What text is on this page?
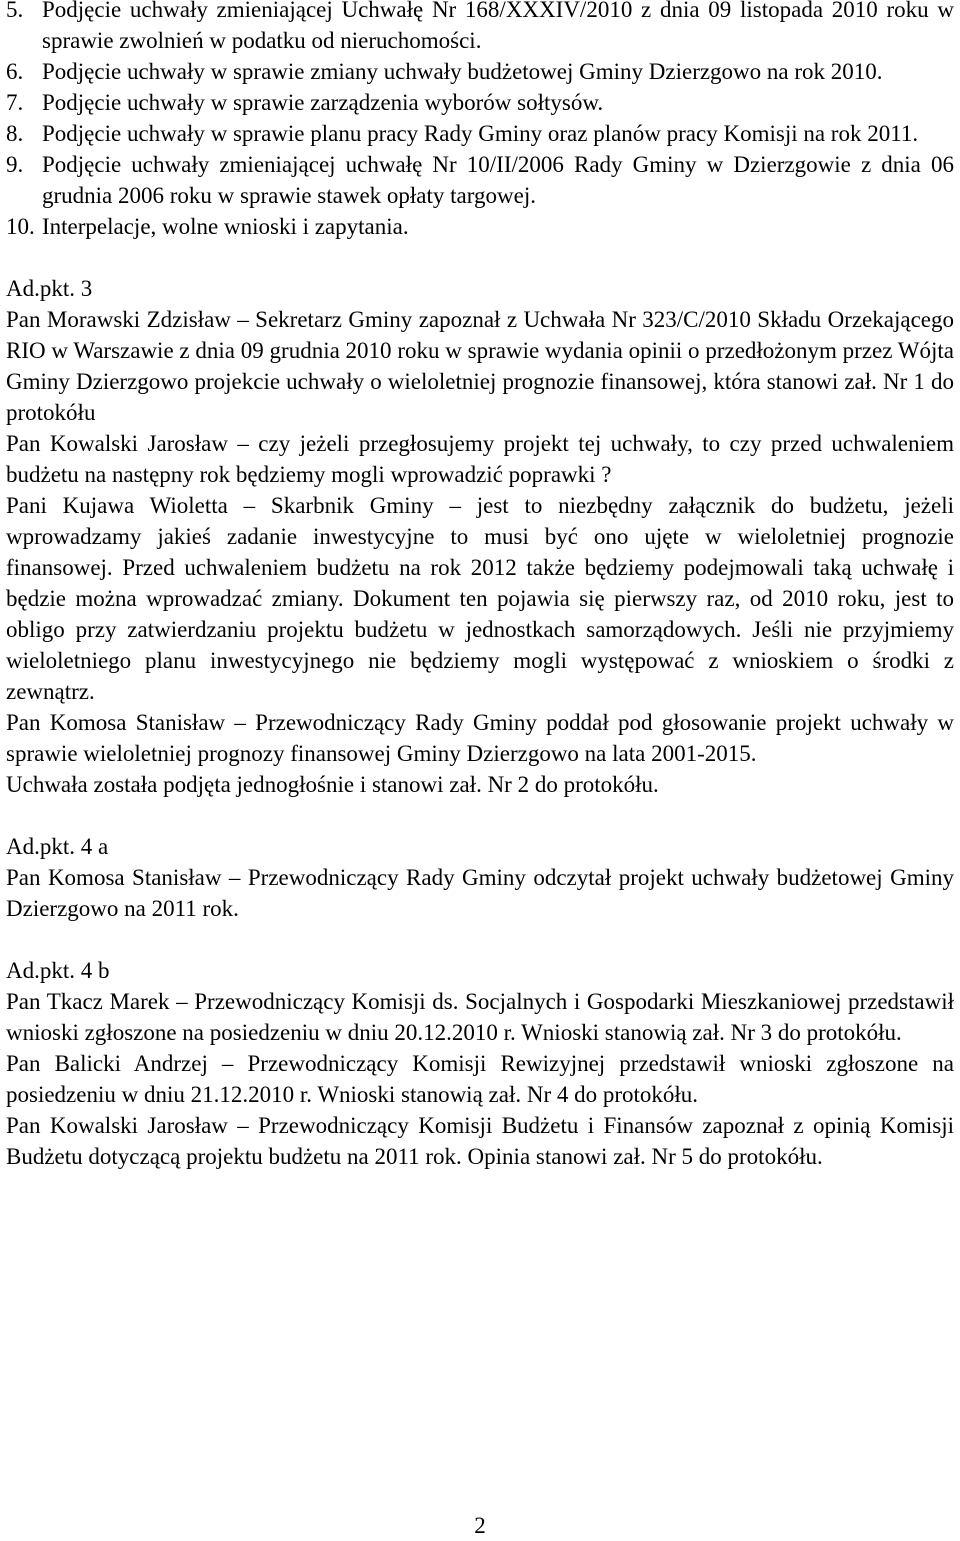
5. Podjęcie uchwały zmieniającej Uchwałę Nr 168/XXXIV/2010 z dnia 09 listopada 2010 roku w sprawie zwolnień w podatku od nieruchomości.
6. Podjęcie uchwały w sprawie zmiany uchwały budżetowej Gminy Dzierzgowo na rok 2010.
7. Podjęcie uchwały w sprawie zarządzenia wyborów sołtysów.
8. Podjęcie uchwały w sprawie planu pracy Rady Gminy oraz planów pracy Komisji na rok 2011.
9. Podjęcie uchwały zmieniającej uchwałę Nr 10/II/2006 Rady Gminy w Dzierzgowie z dnia 06 grudnia 2006 roku w sprawie stawek opłaty targowej.
10. Interpelacje, wolne wnioski i zapytania.

Ad.pkt. 3

Pan Morawski Zdzisław – Sekretarz Gminy zapoznał z Uchwała Nr 323/C/2010 Składu Orzekającego RIO w Warszawie z dnia 09 grudnia 2010 roku w sprawie wydania opinii o przedłożonym przez Wójta Gminy Dzierzgowo projekcie uchwały o wieloletniej prognozie finansowej, która stanowi zał. Nr 1 do protokółu

Pan Kowalski Jarosław – czy jeżeli przegłosujemy projekt tej uchwały, to czy przed uchwaleniem budżetu na następny rok będziemy mogli wprowadzić poprawki ?

Pani Kujawa Wioletta – Skarbnik Gminy – jest to niezbędny załącznik do budżetu, jeżeli wprowadzamy jakieś zadanie inwestycyjne to musi być ono ujęte w wieloletniej prognozie finansowej. Przed uchwaleniem budżetu na rok 2012 także będziemy podejmowali taką uchwałę i będzie można wprowadzać zmiany. Dokument ten pojawia się pierwszy raz, od 2010 roku, jest to obligo przy zatwierdzaniu projektu budżetu w jednostkach samorządowych. Jeśli nie przyjmiemy wieloletniego planu inwestycyjnego nie będziemy mogli występować z wnioskiem o środki z zewnątrz.

Pan Komosa Stanisław – Przewodniczący Rady Gminy poddał pod głosowanie projekt uchwały w sprawie wieloletniej prognozy finansowej Gminy Dzierzgowo na lata 2001-2015.

Uchwała została podjęta jednogłośnie i stanowi zał. Nr 2 do protokółu.

Ad.pkt. 4 a

Pan Komosa Stanisław – Przewodniczący Rady Gminy odczytał projekt uchwały budżetowej Gminy Dzierzgowo na 2011 rok.

Ad.pkt. 4 b

Pan Tkacz Marek – Przewodniczący Komisji ds. Socjalnych i Gospodarki Mieszkaniowej przedstawił wnioski zgłoszone na posiedzeniu w dniu 20.12.2010 r. Wnioski stanowią zał. Nr 3 do protokółu.

Pan Balicki Andrzej – Przewodniczący Komisji Rewizyjnej przedstawił wnioski zgłoszone na posiedzeniu w dniu 21.12.2010 r. Wnioski stanowią zał. Nr 4 do protokółu.

Pan Kowalski Jarosław – Przewodniczący Komisji Budżetu i Finansów zapoznał z opinią Komisji Budżetu dotyczącą projektu budżetu na 2011 rok. Opinia stanowi zał. Nr 5 do protokółu.

2
